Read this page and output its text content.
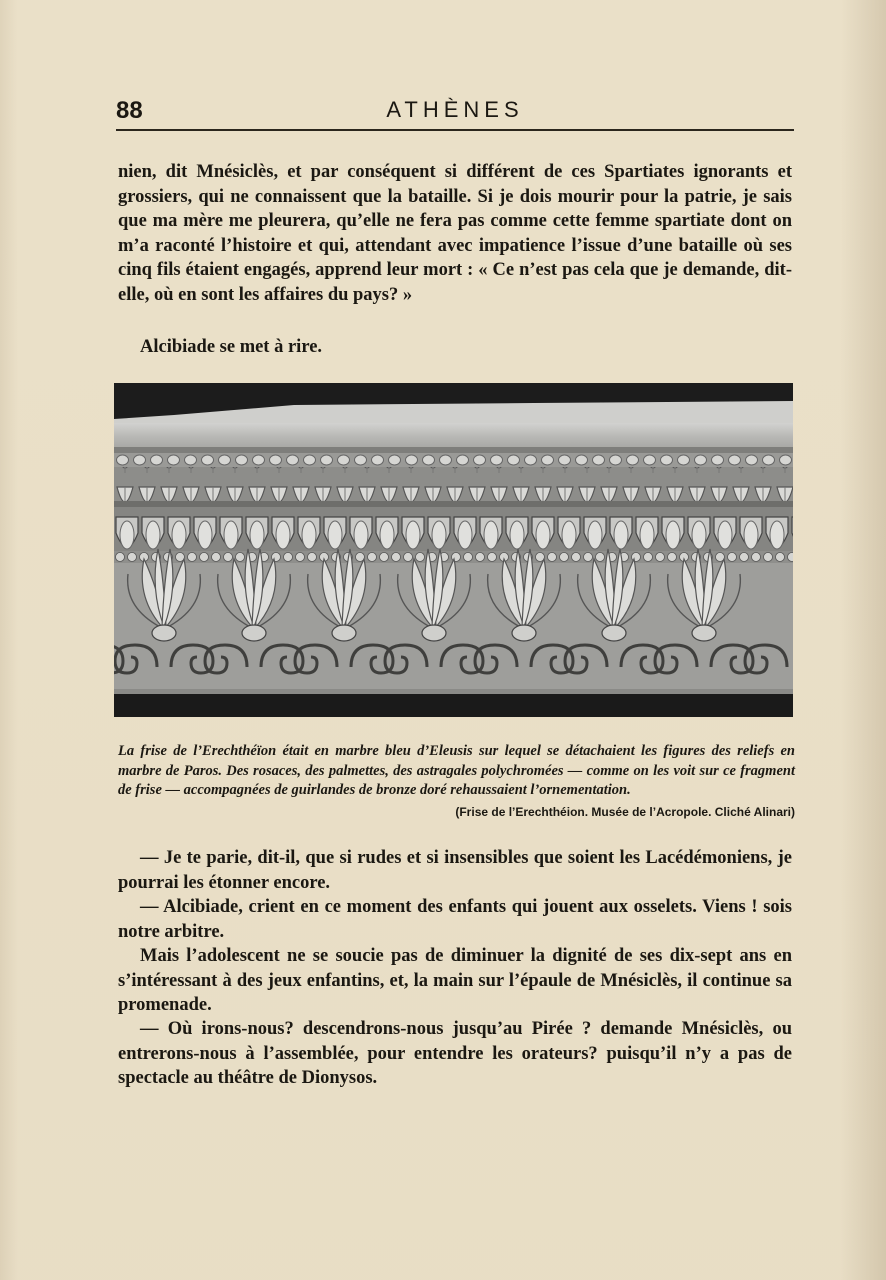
88	ATHÈNES

nien, dit Mnésiclès, et par conséquent si différent de ces Spartiates ignorants et grossiers, qui ne connaissent que la bataille. Si je dois mourir pour la patrie, je sais que ma mère me pleurera, qu’elle ne fera pas comme cette femme spartiate dont on m’a raconté l’histoire et qui, attendant avec impatience l’issue d’une bataille où ses cinq fils étaient engagés, apprend leur mort : « Ce n’est pas cela que je demande, dit-elle, où en sont les affaires du pays? »

Alcibiade se met à rire.

La frise de l’Erechthéïon était en marbre bleu d’Eleusis sur lequel se détachaient les figures des reliefs en marbre de Paros. Des rosaces, des palmettes, des astragales polychromées — comme on les voit sur ce fragment de frise — accompagnées de guirlandes de bronze doré rehaussaient l’ornementation.
(Frise de l’Erechthéion. Musée de l’Acropole. Cliché Alinari)

— Je te parie, dit-il, que si rudes et si insensibles que soient les Lacédémoniens, je pourrai les étonner encore.

— Alcibiade, crient en ce moment des enfants qui jouent aux osselets. Viens ! sois notre arbitre.

Mais l’adolescent ne se soucie pas de diminuer la dignité de ses dix-sept ans en s’intéressant à des jeux enfantins, et, la main sur l’épaule de Mnésiclès, il continue sa promenade.

— Où irons-nous? descendrons-nous jusqu’au Pirée ? demande Mnésiclès, ou entrerons-nous à l’assemblée, pour entendre les orateurs? puisqu’il n’y a pas de spectacle au théâtre de Dionysos.
